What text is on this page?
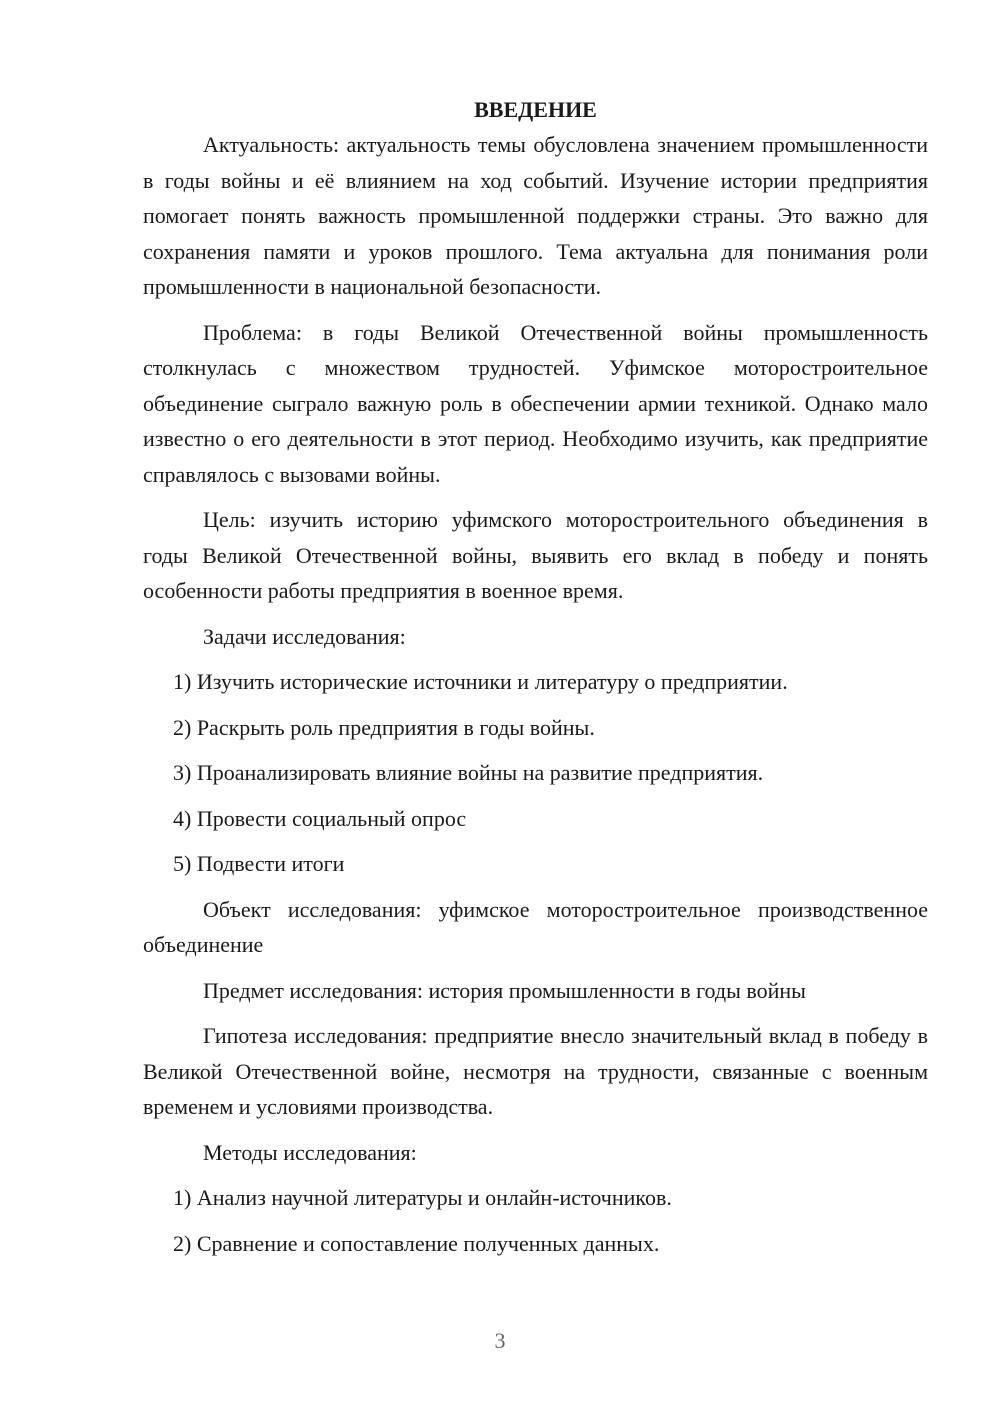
ВВЕДЕНИЕ

Актуальность: актуальность темы обусловлена значением промышленности в годы войны и её влиянием на ход событий. Изучение истории предприятия помогает понять важность промышленной поддержки страны. Это важно для сохранения памяти и уроков прошлого. Тема актуальна для понимания роли промышленности в национальной безопасности.

Проблема: в годы Великой Отечественной войны промышленность столкнулась с множеством трудностей. Уфимское моторостроительное объединение сыграло важную роль в обеспечении армии техникой. Однако мало известно о его деятельности в этот период. Необходимо изучить, как предприятие справлялось с вызовами войны.

Цель: изучить историю уфимского моторостроительного объединения в годы Великой Отечественной войны, выявить его вклад в победу и понять особенности работы предприятия в военное время.

Задачи исследования:

1) Изучить исторические источники и литературу о предприятии.
2) Раскрыть роль предприятия в годы войны.
3) Проанализировать влияние войны на развитие предприятия.
4) Провести социальный опрос
5) Подвести итоги

Объект исследования: уфимское моторостроительное производственное объединение

Предмет исследования: история промышленности в годы войны

Гипотеза исследования: предприятие внесло значительный вклад в победу в Великой Отечественной войне, несмотря на трудности, связанные с военным временем и условиями производства.

Методы исследования:

1) Анализ научной литературы и онлайн-источников.
2) Сравнение и сопоставление полученных данных.
3
